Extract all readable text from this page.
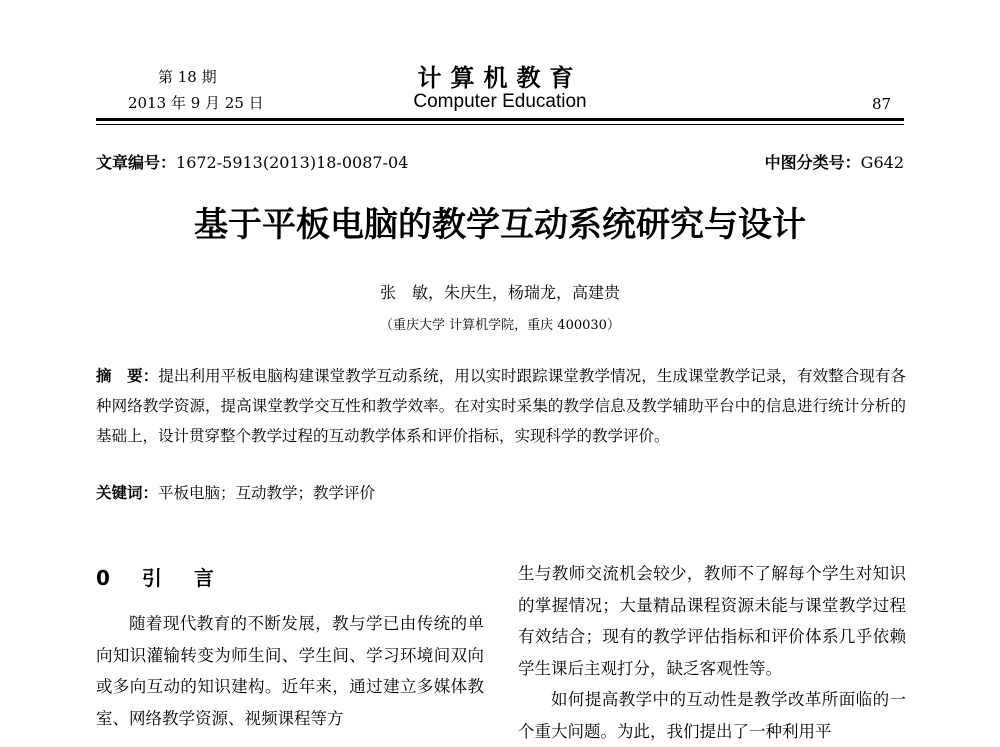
第 18 期
2013 年 9 月 25 日
计算机教育
Computer Education	87
文章编号：1672-5913(2013)18-0087-04	中图分类号：G642
基于平板电脑的教学互动系统研究与设计
张　敏，朱庆生，杨瑞龙，高建贵
（重庆大学 计算机学院，重庆 400030）
摘　要：提出利用平板电脑构建课堂教学互动系统，用以实时跟踪课堂教学情况，生成课堂教学记录，有效整合现有各种网络教学资源，提高课堂教学交互性和教学效率。在对实时采集的教学信息及教学辅助平台中的信息进行统计分析的基础上，设计贯穿整个教学过程的互动教学体系和评价指标，实现科学的教学评价。
关键词：平板电脑；互动教学；教学评价
0　引　言

随着现代教育的不断发展，教与学已由传统的单向知识灌输转变为师生间、学生间、学习环境间双向或多向互动的知识建构。近年来，通过建立多媒体教室、网络教学资源、视频课程等方

生与教师交流机会较少，教师不了解每个学生对知识的掌握情况；大量精品课程资源未能与课堂教学过程有效结合；现有的教学评估指标和评价体系几乎依赖学生课后主观打分，缺乏客观性等。

如何提高教学中的互动性是教学改革所面临的一个重大问题。为此，我们提出了一种利用平
